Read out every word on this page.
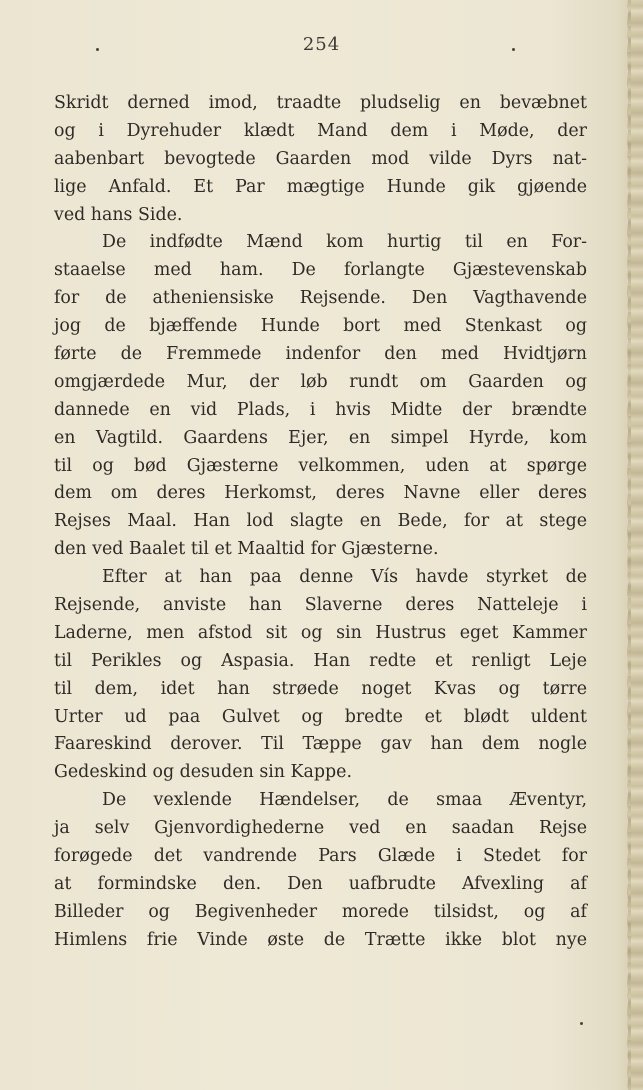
254
Skridt derned imod, traadte pludselig en bevæbnet
og i Dyrehuder klædt Mand dem i Møde, der
aabenbart bevogtede Gaarden mod vilde Dyrs nat-
lige Anfald. Et Par mægtige Hunde gik gjøende
ved hans Side.
De indfødte Mænd kom hurtig til en For-
staaelse med ham. De forlangte Gjæstevenskab
for de atheniensiske Rejsende. Den Vagthavende
jog de bjæffende Hunde bort med Stenkast og
førte de Fremmede indenfor den med Hvidtjørn
omgjærdede Mur, der løb rundt om Gaarden og
dannede en vid Plads, i hvis Midte der brændte
en Vagtild. Gaardens Ejer, en simpel Hyrde, kom
til og bød Gjæsterne velkommen, uden at spørge
dem om deres Herkomst, deres Navne eller deres
Rejses Maal. Han lod slagte en Bede, for at stege
den ved Baalet til et Maaltid for Gjæsterne.
Efter at han paa denne Vís havde styrket de
Rejsende, anviste han Slaverne deres Natteleje i
Laderne, men afstod sit og sin Hustrus eget Kammer
til Perikles og Aspasia. Han redte et renligt Leje
til dem, idet han strøede noget Kvas og tørre
Urter ud paa Gulvet og bredte et blødt uldent
Faareskind derover. Til Tæppe gav han dem nogle
Gedeskind og desuden sin Kappe.
De vexlende Hændelser, de smaa Æventyr,
ja selv Gjenvordighederne ved en saadan Rejse
forøgede det vandrende Pars Glæde i Stedet for
at formindske den. Den uafbrudte Afvexling af
Billeder og Begivenheder morede tilsidst, og af
Himlens frie Vinde øste de Trætte ikke blot nye
